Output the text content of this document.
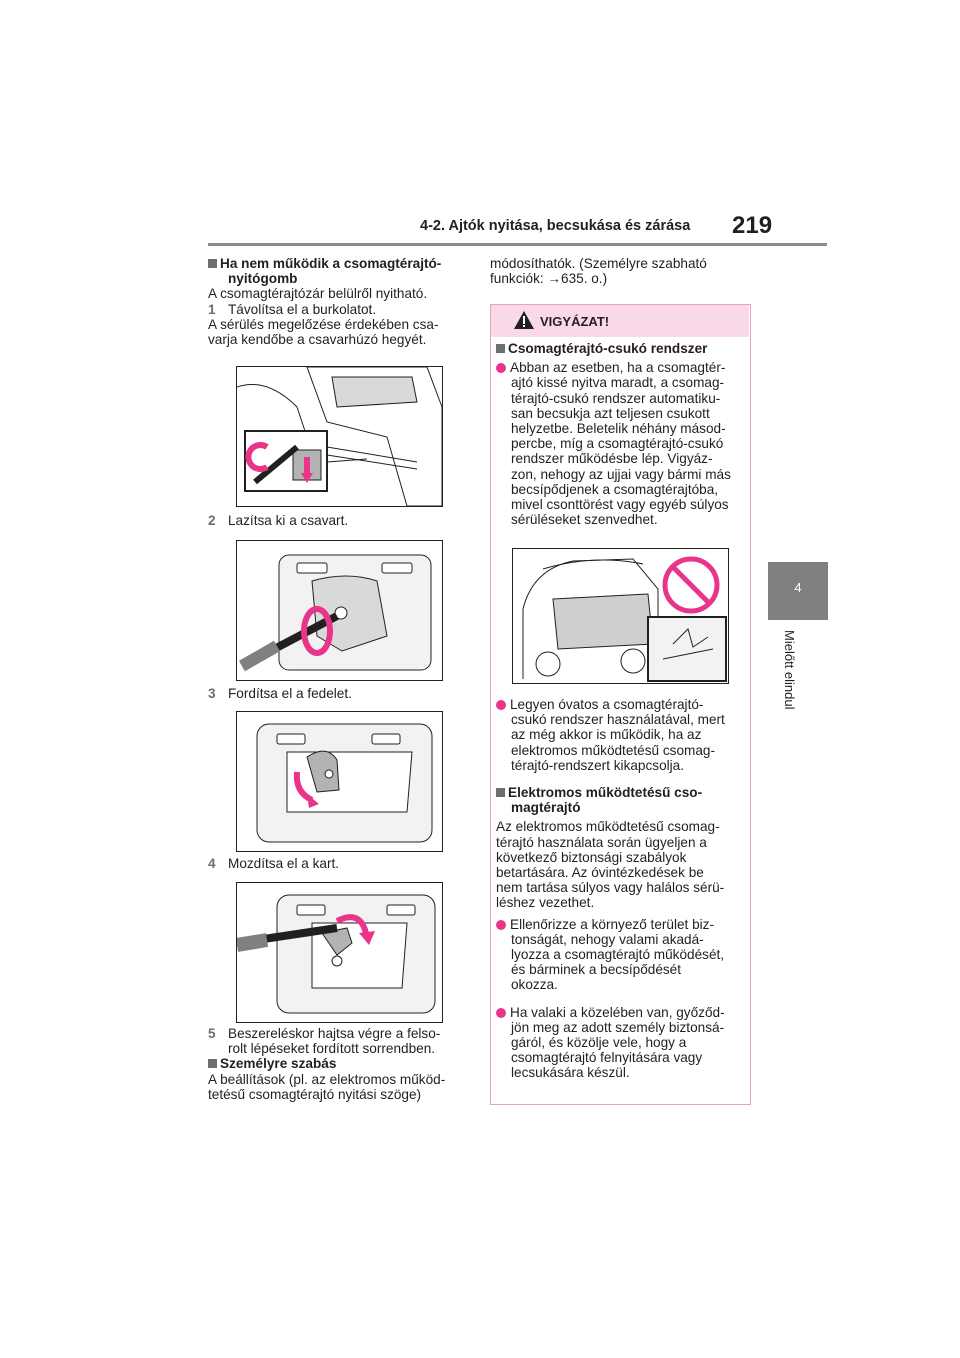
4-2. Ajtók nyitása, becsukása és zárása 219
4
Mielőtt elindul

Ha nem működik a csomagtérajtó-

nyitógomb

A csomagtérajtózár belülről nyitható.

1 Távolítsa el a burkolatot.

A sérülés megelőzése érdekében csa-

varja kendőbe a csavarhúzó hegyét.

2 Lazítsa ki a csavart.

3 Fordítsa el a fedelet.

4 Mozdítsa el a kart.

5 Beszereléskor hajtsa végre a felso-

rolt lépéseket fordított sorrendben.

Személyre szabás

A beállítások (pl. az elektromos működ-

tetésű csomagtérajtó nyitási szöge)

módosíthatók. (Személyre szabható

funkciók: →635. o.)

VIGYÁZAT!

Csomagtérajtó-csukó rendszer

Abban az esetben, ha a csomagtér-

ajtó kissé nyitva maradt, a csomag-

térajtó-csukó rendszer automatiku-

san becsukja azt teljesen csukott

helyzetbe. Beletelik néhány másod-

percbe, míg a csomagtérajtó-csukó

rendszer működésbe lép. Vigyáz-

zon, nehogy az ujjai vagy bármi más

becsípődjenek a csomagtérajtóba,

mivel csonttörést vagy egyéb súlyos

sérüléseket szenvedhet.

Legyen óvatos a csomagtérajtó-

csukó rendszer használatával, mert

az még akkor is működik, ha az

elektromos működtetésű csomag-

térajtó-rendszert kikapcsolja.

Elektromos működtetésű cso-

magtérajtó

Az elektromos működtetésű csomag-

térajtó használata során ügyeljen a

következő biztonsági szabályok

betartására. Az óvintézkedések be

nem tartása súlyos vagy halálos sérü-

léshez vezethet.

Ellenőrizze a környező terület biz-

tonságát, nehogy valami akadá-

lyozza a csomagtérajtó működését,

és bárminek a becsípődését

okozza.

Ha valaki a közelében van, győződ-

jön meg az adott személy biztonsá-

gáról, és közölje vele, hogy a

csomagtérajtó felnyitására vagy

lecsukására készül.
